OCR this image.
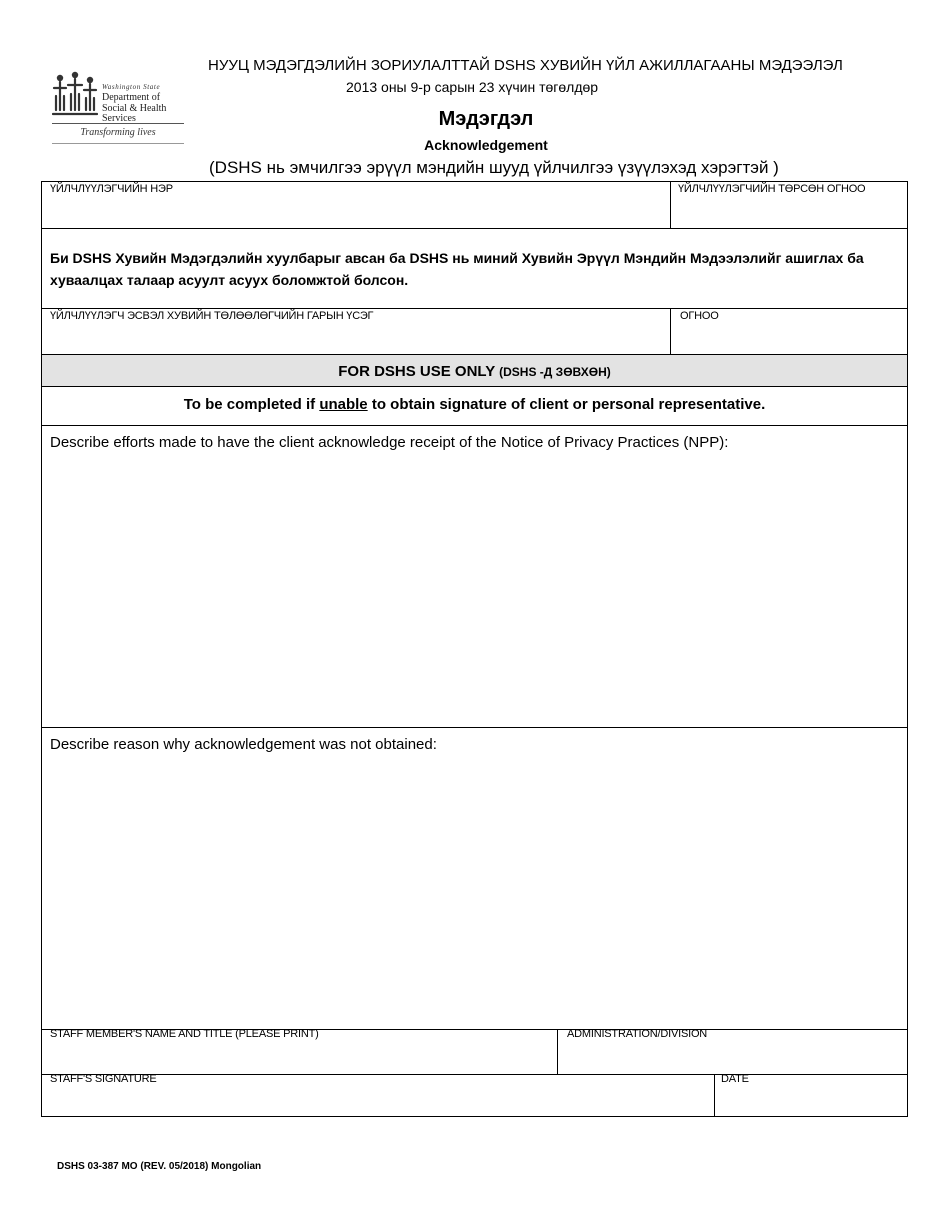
Washington State
Department of Social & Health Services
Transforming lives
НУУЦ МЭДЭГДЭЛИЙН ЗОРИУЛАЛТТАЙ DSHS ХУВИЙН ҮЙЛ АЖИЛЛАГААНЫ МЭДЭЭЛЭЛ
2013 оны 9-р сарын 23 хүчин төгөлдөр
Мэдэгдэл
Acknowledgement
(DSHS нь эмчилгээ эрүүл мэндийн шууд үйлчилгээ үзүүлэхэд хэрэгтэй )
ҮЙЛЧЛҮҮЛЭГЧИЙН НЭР	ҮЙЛЧЛҮҮЛЭГЧИЙН ТӨРСӨН ОГНОО
Би DSHS Хувийн Мэдэгдэлийн хуулбарыг авсан ба DSHS нь миний Хувийн Эрүүл Мэндийн Мэдээлэлийг ашиглах ба хуваалцах талаар асуулт асуух боломжтой болсон.
ҮЙЛЧЛҮҮЛЭГЧ ЭСВЭЛ ХУВИЙН ТӨЛӨӨЛӨГЧИЙН ГАРЫН ҮСЭГ	ОГНОО
FOR DSHS USE ONLY (DSHS -Д ЗӨВХӨН)
To be completed if unable to obtain signature of client or personal representative.
Describe efforts made to have the client acknowledge receipt of the Notice of Privacy Practices (NPP):
Describe reason why acknowledgement was not obtained:
STAFF MEMBER'S NAME AND TITLE (PLEASE PRINT)	ADMINISTRATION/DIVISION
STAFF'S SIGNATURE	DATE
DSHS 03-387 MO (REV. 05/2018) Mongolian
